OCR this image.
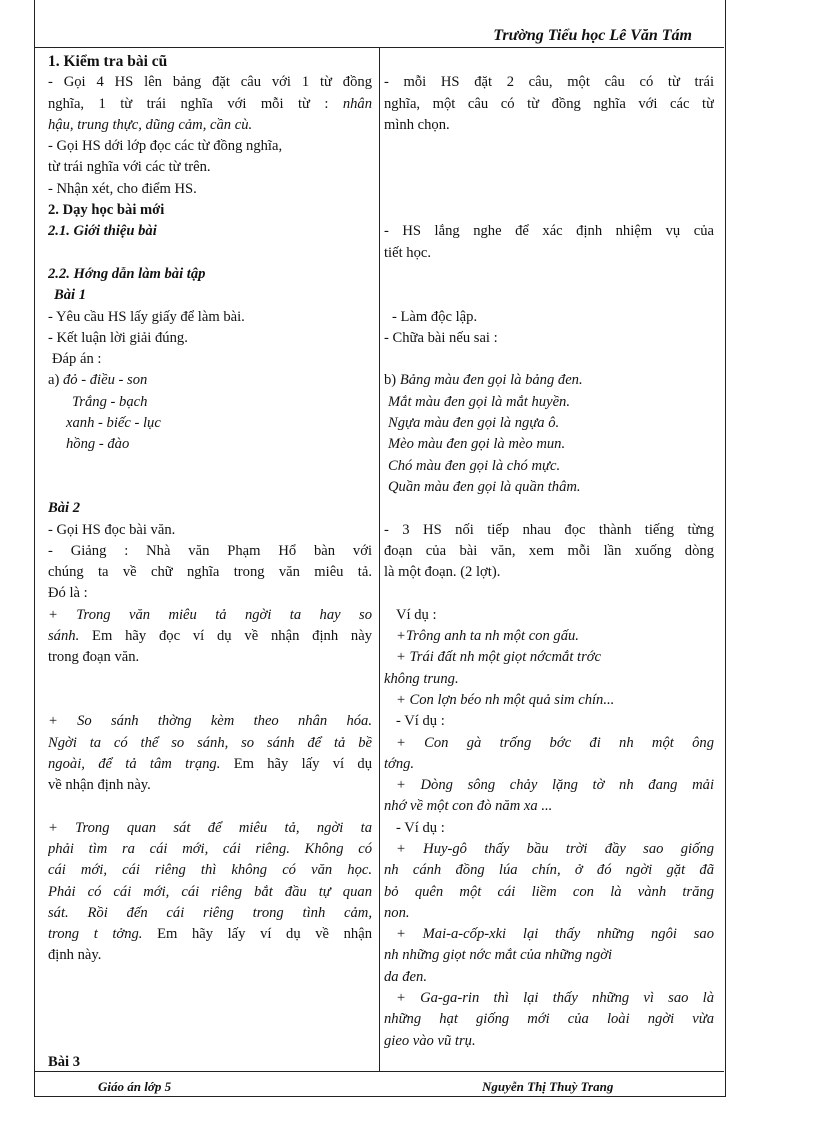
Trường Tiểu học Lê Văn Tám
1. Kiểm tra bài cũ
- Gọi 4 HS lên bảng đặt câu với 1 từ đồng
nghĩa, 1 từ trái nghĩa với mỗi từ : nhân
hậu, trung thực, dũng cảm, cần cù.
- Gọi HS dới lớp đọc các từ đồng nghĩa,
từ trái nghĩa với các từ trên.
- Nhận xét, cho điểm HS.
2. Dạy học bài mới
2.1. Giới thiệu bài
2.2. Hớng dẫn làm bài tập
Bài 1
- Yêu cầu HS lấy giấy để làm bài.
- Kết luận lời giải đúng.
Đáp án :
a) đỏ - điều - son
Trắng - bạch
xanh - biếc - lục
hồng - đào
Bài 2
- Gọi HS đọc bài văn.
- Giảng : Nhà văn Phạm Hổ bàn với
chúng ta về chữ nghĩa trong văn miêu tả.
Đó là :
+ Trong văn miêu tả ngời ta hay so
sánh. Em hãy đọc ví dụ về nhận định này
trong đoạn văn.
+ So sánh thờng kèm theo nhân hóa.
Ngời ta có thể so sánh, so sánh để tả bề
ngoài, để tả tâm trạng. Em hãy lấy ví dụ
về nhận định này.
+ Trong quan sát để miêu tả, ngời ta
phải tìm ra cái mới, cái riêng. Không có
cái mới, cái riêng thì không có văn học.
Phải có cái mới, cái riêng bắt đầu tự quan
sát. Rồi đến cái riêng trong tình cảm,
trong t tởng. Em hãy lấy ví dụ về nhận
định này.
Bài 3
- mỗi HS đặt 2 câu, một câu có từ trái
nghĩa, một câu có từ đồng nghĩa với các từ
mình chọn.
- HS lắng nghe để xác định nhiệm vụ của
tiết học.
- Làm độc lập.
- Chữa bài nếu sai :
b) Bảng màu đen gọi là bảng đen.
Mắt màu đen gọi là mắt huyền.
Ngựa màu đen gọi là ngựa ô.
Mèo màu đen gọi là mèo mun.
Chó màu đen gọi là chó mực.
Quần màu đen gọi là quần thâm.
- 3 HS nối tiếp nhau đọc thành tiếng từng
đoạn của bài văn, xem mỗi lần xuống dòng
là một đoạn. (2 lợt).
Ví dụ :
+Trông anh ta nh một con gấu.
+ Trái đất nh một giọt nớcmắt trớc
không trung.
+ Con lợn béo nh một quả sim chín...
- Ví dụ :
+ Con gà trống bớc đi nh một ông
tớng.
+ Dòng sông chảy lặng tờ nh đang mải
nhớ về một con đò năm xa ...
- Ví dụ :
+ Huy-gô thấy bầu trời đầy sao giống
nh cánh đồng lúa chín, ở đó ngời gặt đã
bỏ quên một cái liềm con là vành trăng
non.
+ Mai-a-cốp-xki lại thấy những ngôi sao
nh những giọt nớc mắt của những ngời
da đen.
+ Ga-ga-rin thì lại thấy những vì sao là
những hạt giống mới của loài ngời vừa
gieo vào vũ trụ.
Giáo án lớp 5	Nguyễn Thị Thuỳ Trang
